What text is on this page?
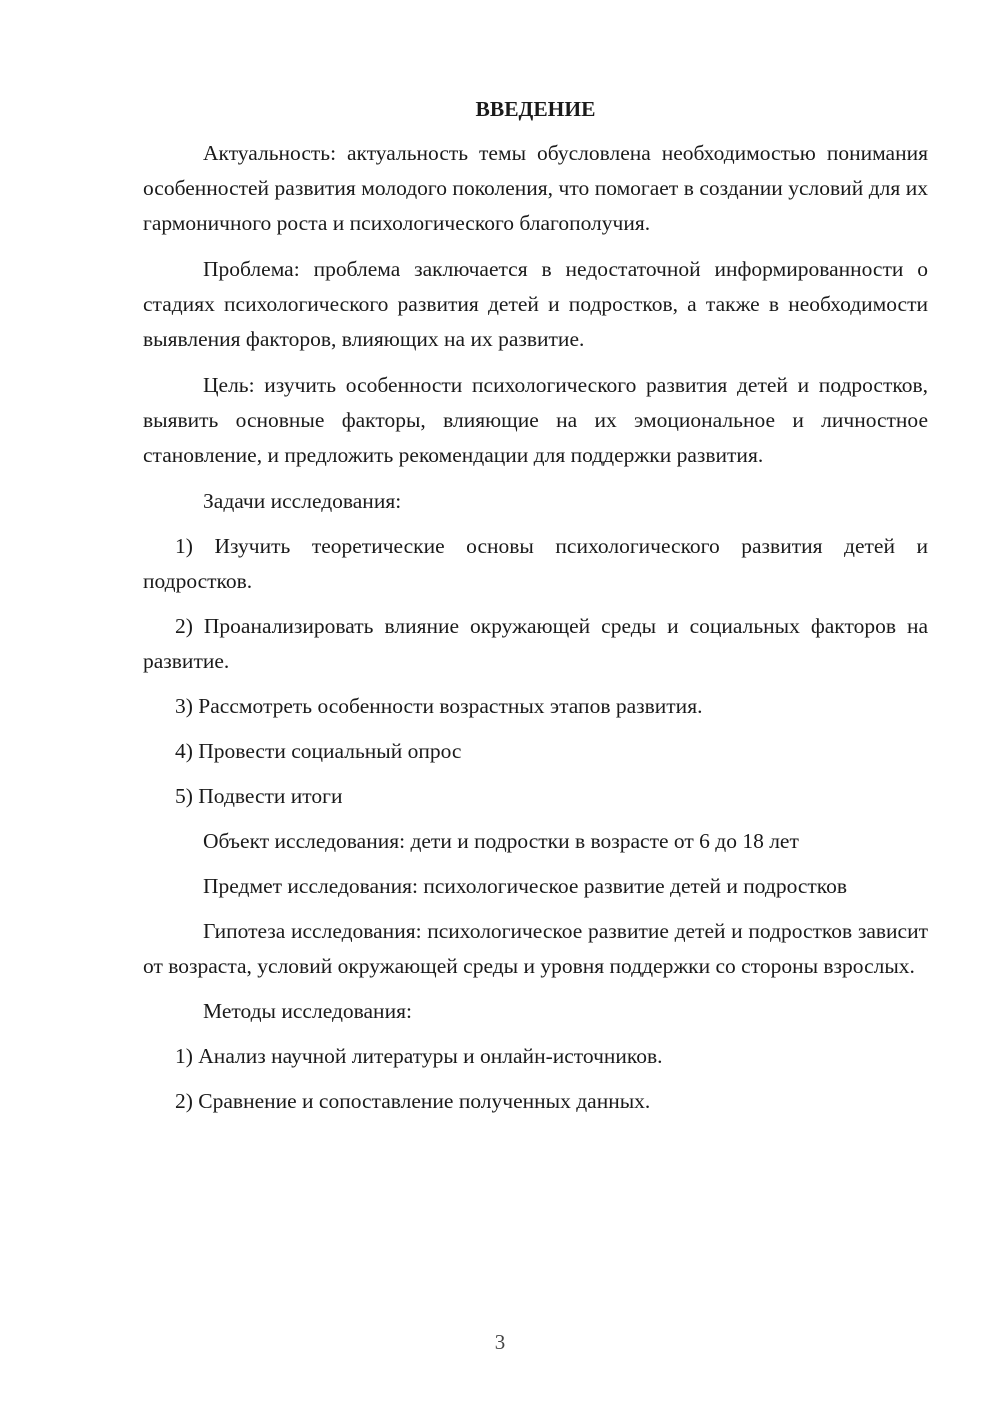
ВВЕДЕНИЕ

Актуальность: актуальность темы обусловлена необходимостью понимания особенностей развития молодого поколения, что помогает в создании условий для их гармоничного роста и психологического благополучия.

Проблема: проблема заключается в недостаточной информированности о стадиях психологического развития детей и подростков, а также в необходимости выявления факторов, влияющих на их развитие.

Цель: изучить особенности психологического развития детей и подростков, выявить основные факторы, влияющие на их эмоциональное и личностное становление, и предложить рекомендации для поддержки развития.

Задачи исследования:

1) Изучить теоретические основы психологического развития детей и подростков.

2) Проанализировать влияние окружающей среды и социальных факторов на развитие.

3) Рассмотреть особенности возрастных этапов развития.

4) Провести социальный опрос

5) Подвести итоги

Объект исследования: дети и подростки в возрасте от 6 до 18 лет

Предмет исследования: психологическое развитие детей и подростков

Гипотеза исследования: психологическое развитие детей и подростков зависит от возраста, условий окружающей среды и уровня поддержки со стороны взрослых.

Методы исследования:

1) Анализ научной литературы и онлайн-источников.

2) Сравнение и сопоставление полученных данных.

3
